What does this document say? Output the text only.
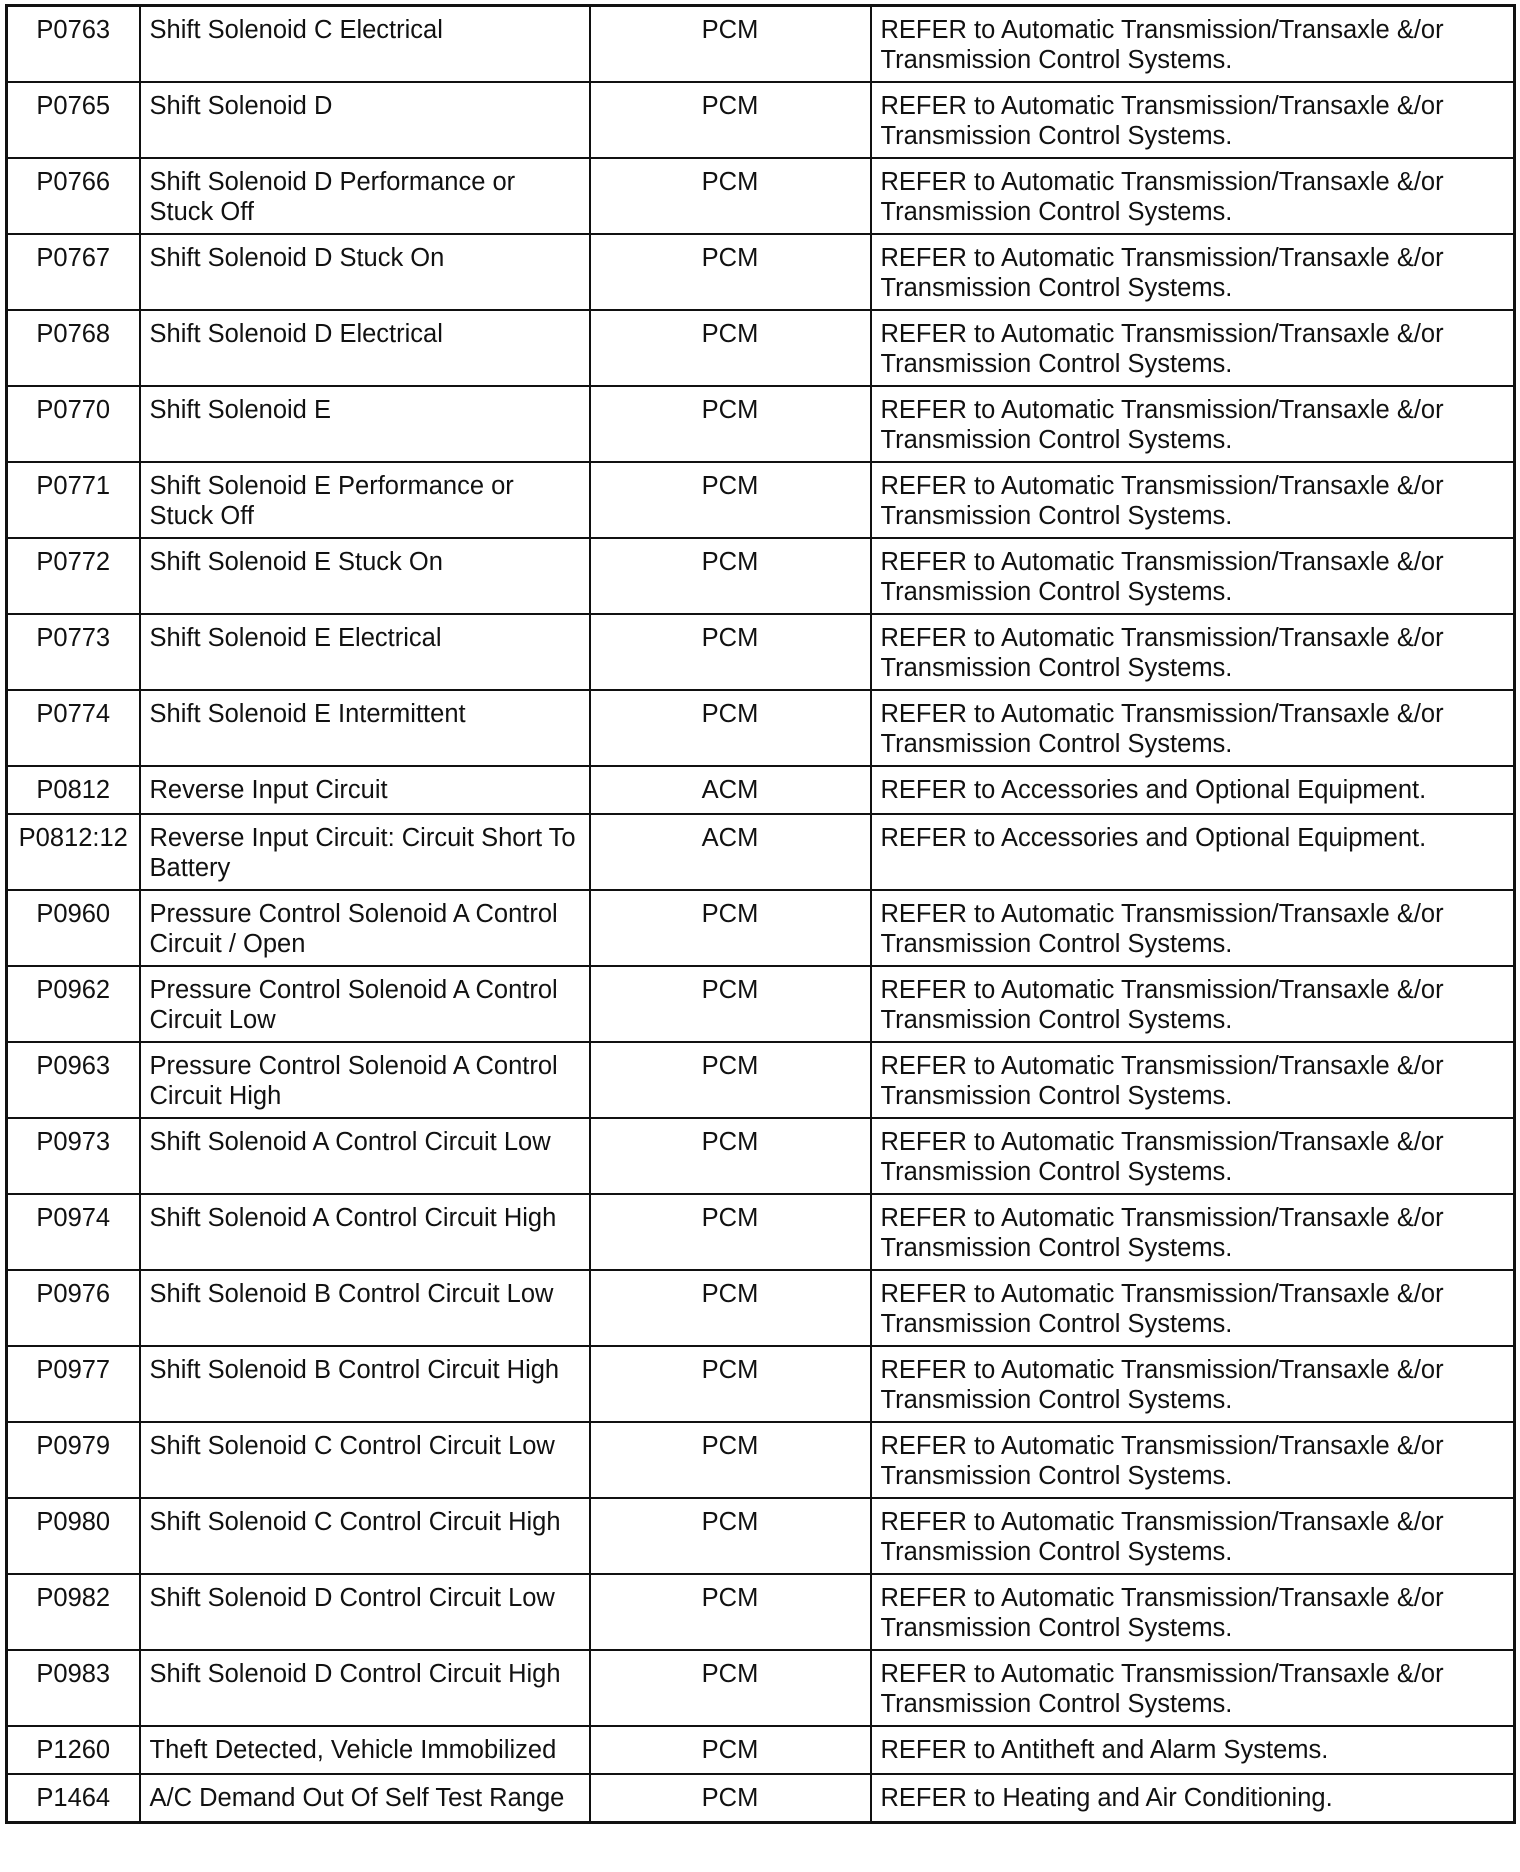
P0763	Shift Solenoid C Electrical	PCM	REFER to Automatic Transmission/Transaxle &/or Transmission Control Systems.
P0765	Shift Solenoid D	PCM	REFER to Automatic Transmission/Transaxle &/or Transmission Control Systems.
P0766	Shift Solenoid D Performance or Stuck Off	PCM	REFER to Automatic Transmission/Transaxle &/or Transmission Control Systems.
P0767	Shift Solenoid D Stuck On	PCM	REFER to Automatic Transmission/Transaxle &/or Transmission Control Systems.
P0768	Shift Solenoid D Electrical	PCM	REFER to Automatic Transmission/Transaxle &/or Transmission Control Systems.
P0770	Shift Solenoid E	PCM	REFER to Automatic Transmission/Transaxle &/or Transmission Control Systems.
P0771	Shift Solenoid E Performance or Stuck Off	PCM	REFER to Automatic Transmission/Transaxle &/or Transmission Control Systems.
P0772	Shift Solenoid E Stuck On	PCM	REFER to Automatic Transmission/Transaxle &/or Transmission Control Systems.
P0773	Shift Solenoid E Electrical	PCM	REFER to Automatic Transmission/Transaxle &/or Transmission Control Systems.
P0774	Shift Solenoid E Intermittent	PCM	REFER to Automatic Transmission/Transaxle &/or Transmission Control Systems.
P0812	Reverse Input Circuit	ACM	REFER to Accessories and Optional Equipment.
P0812:12	Reverse Input Circuit: Circuit Short To Battery	ACM	REFER to Accessories and Optional Equipment.
P0960	Pressure Control Solenoid A Control Circuit / Open	PCM	REFER to Automatic Transmission/Transaxle &/or Transmission Control Systems.
P0962	Pressure Control Solenoid A Control Circuit Low	PCM	REFER to Automatic Transmission/Transaxle &/or Transmission Control Systems.
P0963	Pressure Control Solenoid A Control Circuit High	PCM	REFER to Automatic Transmission/Transaxle &/or Transmission Control Systems.
P0973	Shift Solenoid A Control Circuit Low	PCM	REFER to Automatic Transmission/Transaxle &/or Transmission Control Systems.
P0974	Shift Solenoid A Control Circuit High	PCM	REFER to Automatic Transmission/Transaxle &/or Transmission Control Systems.
P0976	Shift Solenoid B Control Circuit Low	PCM	REFER to Automatic Transmission/Transaxle &/or Transmission Control Systems.
P0977	Shift Solenoid B Control Circuit High	PCM	REFER to Automatic Transmission/Transaxle &/or Transmission Control Systems.
P0979	Shift Solenoid C Control Circuit Low	PCM	REFER to Automatic Transmission/Transaxle &/or Transmission Control Systems.
P0980	Shift Solenoid C Control Circuit High	PCM	REFER to Automatic Transmission/Transaxle &/or Transmission Control Systems.
P0982	Shift Solenoid D Control Circuit Low	PCM	REFER to Automatic Transmission/Transaxle &/or Transmission Control Systems.
P0983	Shift Solenoid D Control Circuit High	PCM	REFER to Automatic Transmission/Transaxle &/or Transmission Control Systems.
P1260	Theft Detected, Vehicle Immobilized	PCM	REFER to Antitheft and Alarm Systems.
P1464	A/C Demand Out Of Self Test Range	PCM	REFER to Heating and Air Conditioning.
